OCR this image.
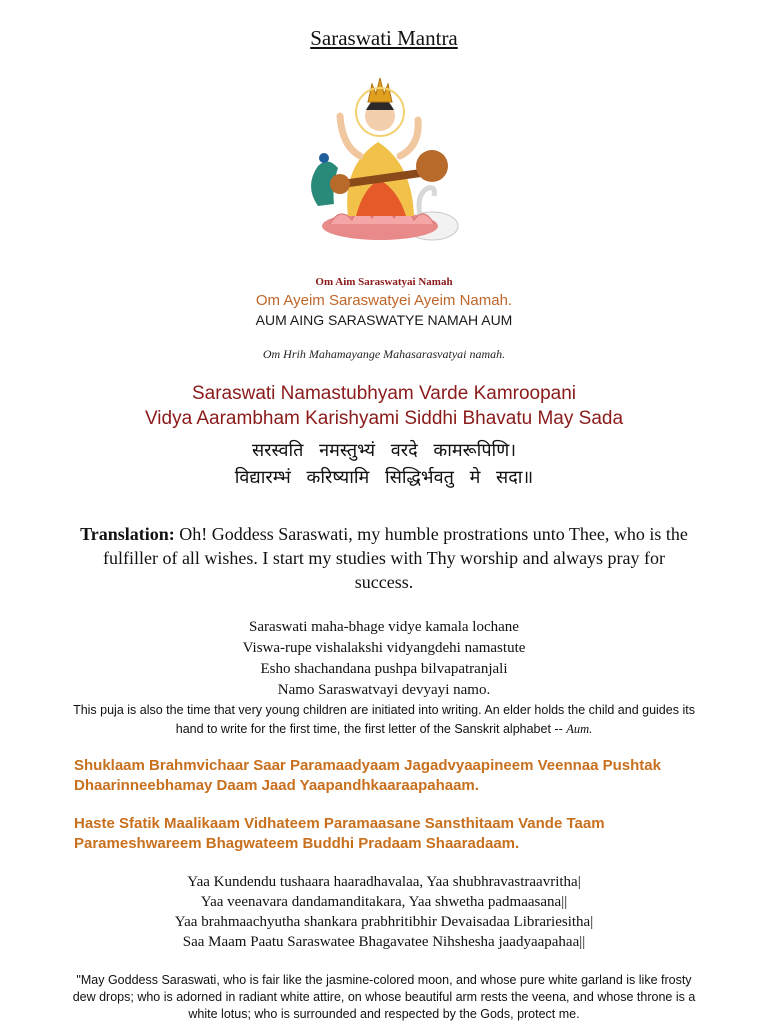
Saraswati Mantra
Om Aim Saraswatyai Namah
Om Ayeim Saraswatyei Ayeim Namah.
AUM AING SARASWATYE NAMAH AUM
Om Hrih Mahamayange Mahasarasvatyai namah.
Saraswati Namastubhyam Varde Kamroopani
Vidya Aarambham Karishyami Siddhi Bhavatu May Sada
सरस्वति नमस्तुभ्यं वरदे कामरूपिणि।
विद्यारम्भं करिष्यामि सिद्धिर्भवतु मे सदा॥
Translation: Oh! Goddess Saraswati, my humble prostrations unto Thee, who is the fulfiller of all wishes. I start my studies with Thy worship and always pray for success.
Saraswati maha-bhage vidye kamala lochane
Viswa-rupe vishalakshi vidyangdehi namastute
Esho shachandana pushpa bilvapatranjali
Namo Saraswatvayi devyayi namo.
This puja is also the time that very young children are initiated into writing. An elder holds the child and guides its hand to write for the first time, the first letter of the Sanskrit alphabet -- Aum.
Shuklaam Brahmvichaar Saar Paramaadyaam Jagadvyaapineem Veennaa Pushtak Dhaarinneebhamay Daam Jaad Yaapandhkaaraapahaam.
Haste Sfatik Maalikaam Vidhateem Paramaasane Sansthitaam Vande Taam Parameshwareem Bhagwateem Buddhi Pradaam Shaaradaam.
Yaa Kundendu tushaara haaradhavalaa, Yaa shubhravastraavritha|
Yaa veenavara dandamanditakara, Yaa shwetha padmaasana||
Yaa brahmaachyutha shankara prabhritibhir Devaisadaa Librariesitha|
Saa Maam Paatu Saraswatee Bhagavatee Nihshesha jaadyaapahaa||
"May Goddess Saraswati, who is fair like the jasmine-colored moon, and whose pure white garland is like frosty dew drops; who is adorned in radiant white attire, on whose beautiful arm rests the veena, and whose throne is a white lotus; who is surrounded and respected by the Gods, protect me.
